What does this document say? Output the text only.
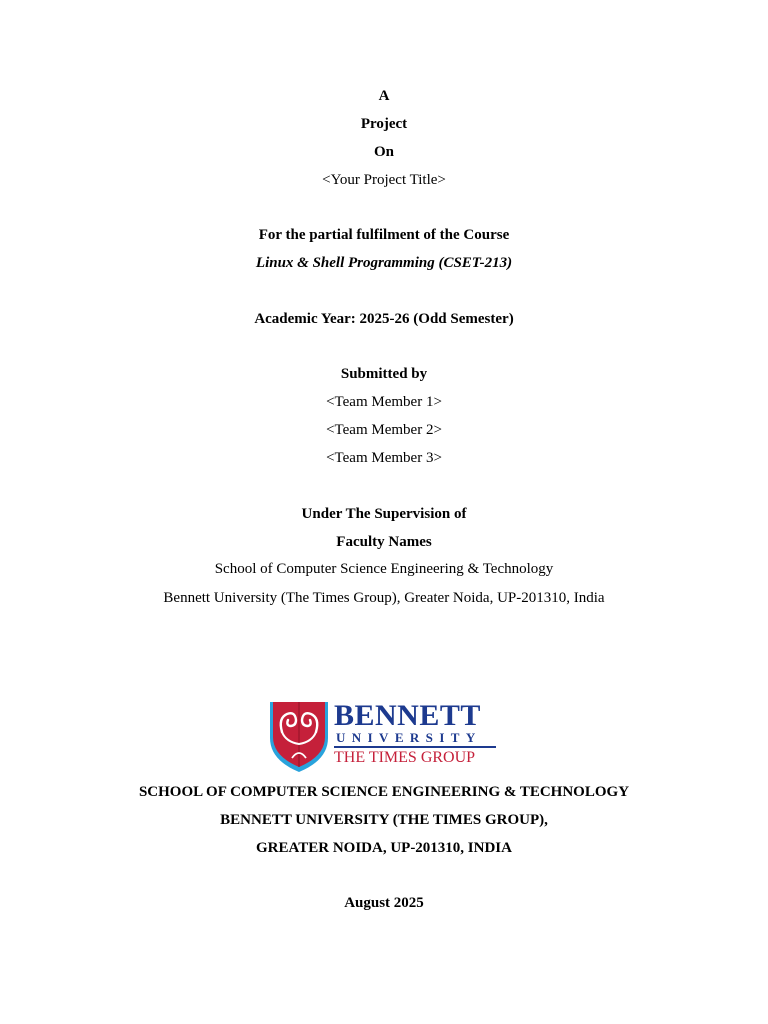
A
Project
On
<Your Project Title>
For the partial fulfilment of the Course
Linux & Shell Programming (CSET-213)
Academic Year: 2025-26 (Odd Semester)
Submitted by
<Team Member 1>
<Team Member 2>
<Team Member 3>
Under The Supervision of
Faculty Names
School of Computer Science Engineering & Technology
Bennett University (The Times Group), Greater Noida, UP-201310, India
BENNETT
UNIVERSITY
THE TIMES GROUP
SCHOOL OF COMPUTER SCIENCE ENGINEERING & TECHNOLOGY
BENNETT UNIVERSITY (THE TIMES GROUP),
GREATER NOIDA, UP-201310, INDIA
August 2025
